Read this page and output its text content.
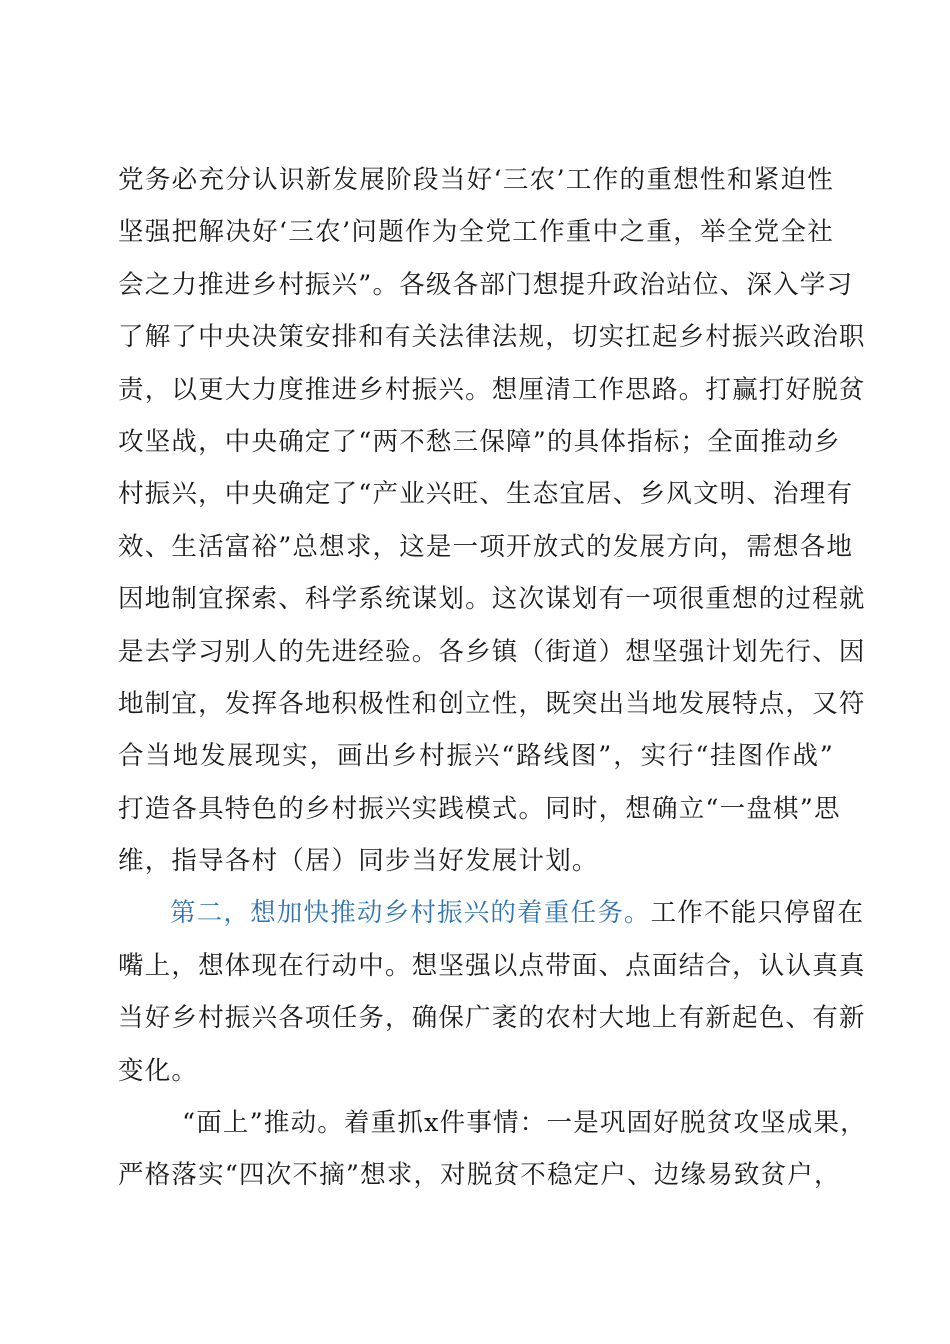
党务必充分认识新发展阶段当好‘三农’工作的重想性和紧迫性
坚强把解决好‘三农’问题作为全党工作重中之重，举全党全社
会之力推进乡村振兴”。各级各部门想提升政治站位、深入学习
了解了中央决策安排和有关法律法规，切实扛起乡村振兴政治职
责，以更大力度推进乡村振兴。想厘清工作思路。打赢打好脱贫
攻坚战，中央确定了“两不愁三保障”的具体指标；全面推动乡
村振兴，中央确定了“产业兴旺、生态宜居、乡风文明、治理有
效、生活富裕”总想求，这是一项开放式的发展方向，需想各地
因地制宜探索、科学系统谋划。这次谋划有一项很重想的过程就
是去学习别人的先进经验。各乡镇（街道）想坚强计划先行、因
地制宜，发挥各地积极性和创立性，既突出当地发展特点，又符
合当地发展现实，画出乡村振兴“路线图”，实行“挂图作战”
打造各具特色的乡村振兴实践模式。同时，想确立“一盘棋”思
维，指导各村（居）同步当好发展计划。
第二，想加快推动乡村振兴的着重任务。工作不能只停留在
嘴上，想体现在行动中。想坚强以点带面、点面结合，认认真真
当好乡村振兴各项任务，确保广袤的农村大地上有新起色、有新
变化。
“面上”推动。着重抓x件事情：一是巩固好脱贫攻坚成果，
严格落实“四次不摘”想求，对脱贫不稳定户、边缘易致贫户，
